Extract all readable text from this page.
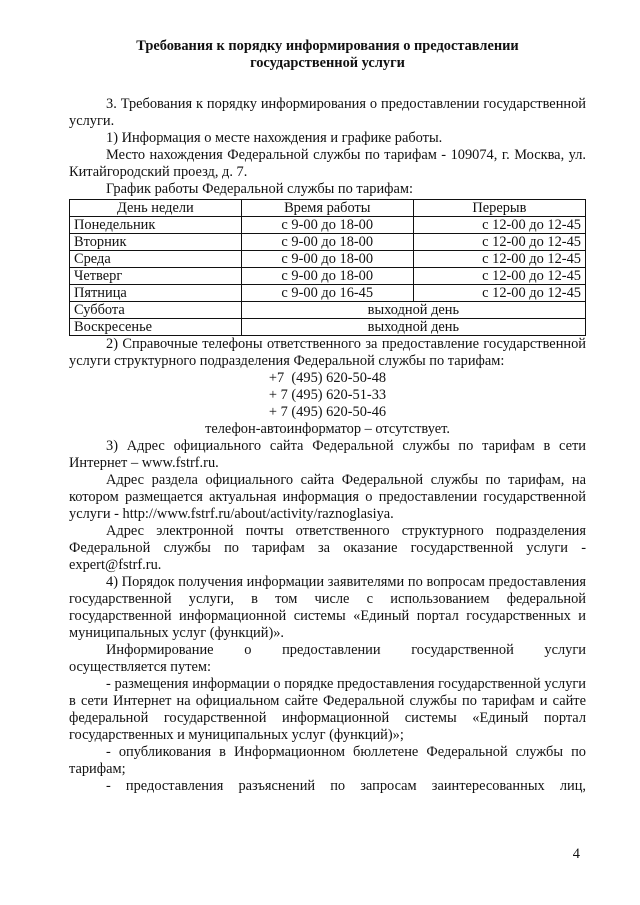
Требования к порядку информирования о предоставлении

государственной услуги

3. Требования к порядку информирования о предоставлении государственной услуги.

1) Информация о месте нахождения и графике работы.

Место нахождения Федеральной службы по тарифам - 109074, г. Москва, ул. Китайгородский проезд, д. 7.

График работы Федеральной службы по тарифам:

День недели	Время работы	Перерыв
Понедельник	с 9-00 до 18-00	с 12-00 до 12-45
Вторник	с 9-00 до 18-00	с 12-00 до 12-45
Среда	с 9-00 до 18-00	с 12-00 до 12-45
Четверг	с 9-00 до 18-00	с 12-00 до 12-45
Пятница	с 9-00 до 16-45	с 12-00 до 12-45
Суббота	выходной день	
Воскресенье	выходной день	

2) Справочные телефоны ответственного за предоставление государственной услуги структурного подразделения Федеральной службы по тарифам:

+7  (495) 620-50-48
+ 7 (495) 620-51-33
+ 7 (495) 620-50-46
телефон-автоинформатор – отсутствует.

3) Адрес официального сайта Федеральной службы по тарифам в сети Интернет – www.fstrf.ru.

Адрес раздела официального сайта Федеральной службы по тарифам, на котором размещается актуальная информация о предоставлении государственной услуги - http://www.fstrf.ru/about/activity/raznoglasiya.

Адрес электронной почты ответственного структурного подразделения Федеральной службы по тарифам за оказание государственной услуги - expert@fstrf.ru.

4) Порядок получения информации заявителями по вопросам предоставления государственной услуги, в том числе с использованием федеральной государственной информационной системы «Единый портал государственных и муниципальных услуг (функций)».

Информирование о предоставлении государственной услуги

осуществляется путем:

- размещения информации о порядке предоставления государственной услуги в сети Интернет на официальном сайте Федеральной службы по тарифам и сайте федеральной государственной информационной системы «Единый портал государственных и муниципальных услуг (функций)»;

- опубликования в Информационном бюллетене Федеральной службы по тарифам;

- предоставления разъяснений по запросам заинтересованных лиц,

4
